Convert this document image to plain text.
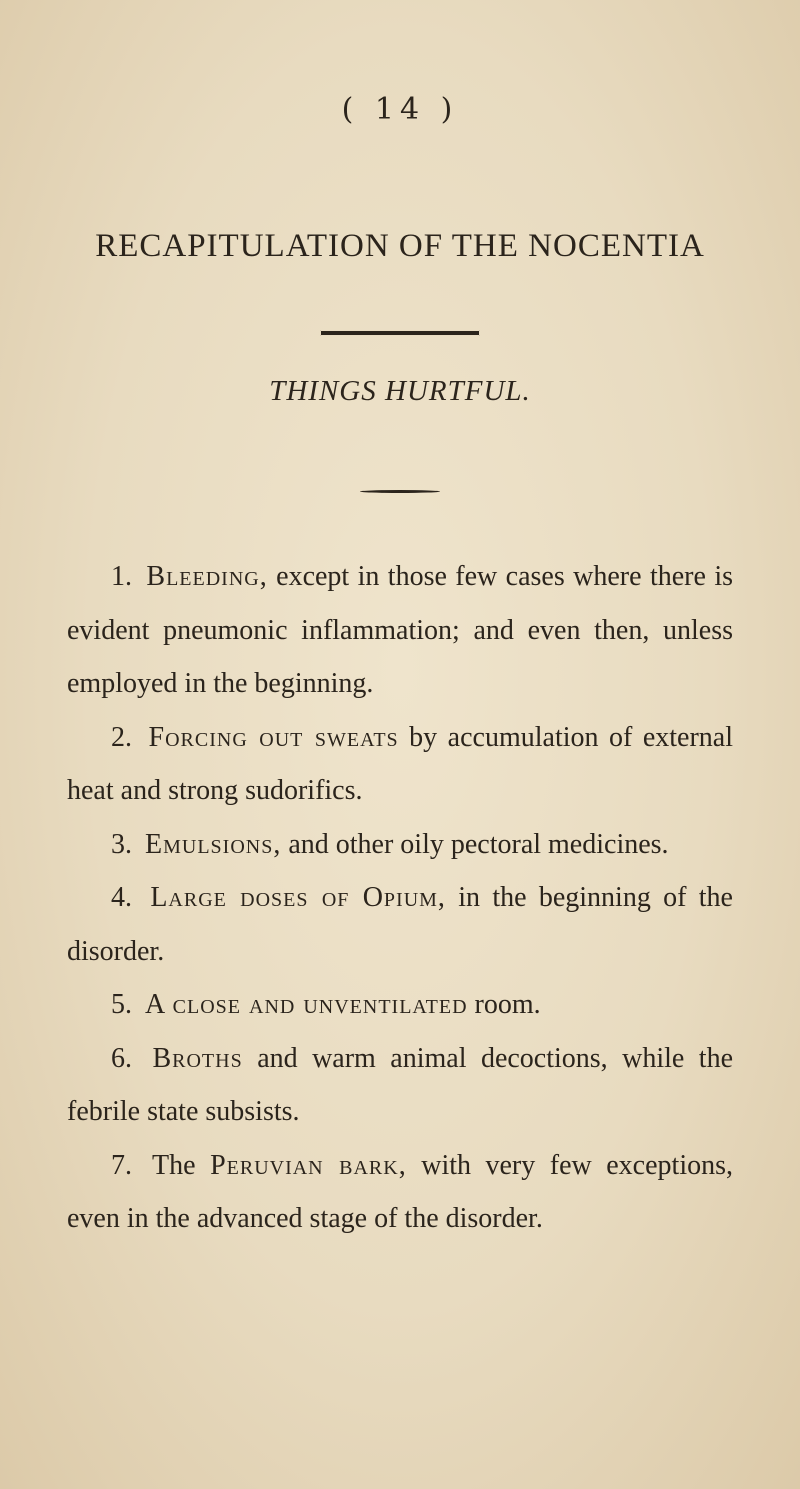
( 14 )
RECAPITULATION OF THE NOCENTIA
THINGS HURTFUL.

1. Bleeding, except in those few cases where there is evident pneumonic inflammation; and even then, unless employed in the beginning.

2. Forcing out sweats by accumulation of external heat and strong sudorifics.

3. Emulsions, and other oily pectoral medicines.

4. Large doses of Opium, in the beginning of the disorder.

5. A close and unventilated room.

6. Broths and warm animal decoctions, while the febrile state subsists.

7. The Peruvian bark, with very few exceptions, even in the advanced stage of the disorder.
